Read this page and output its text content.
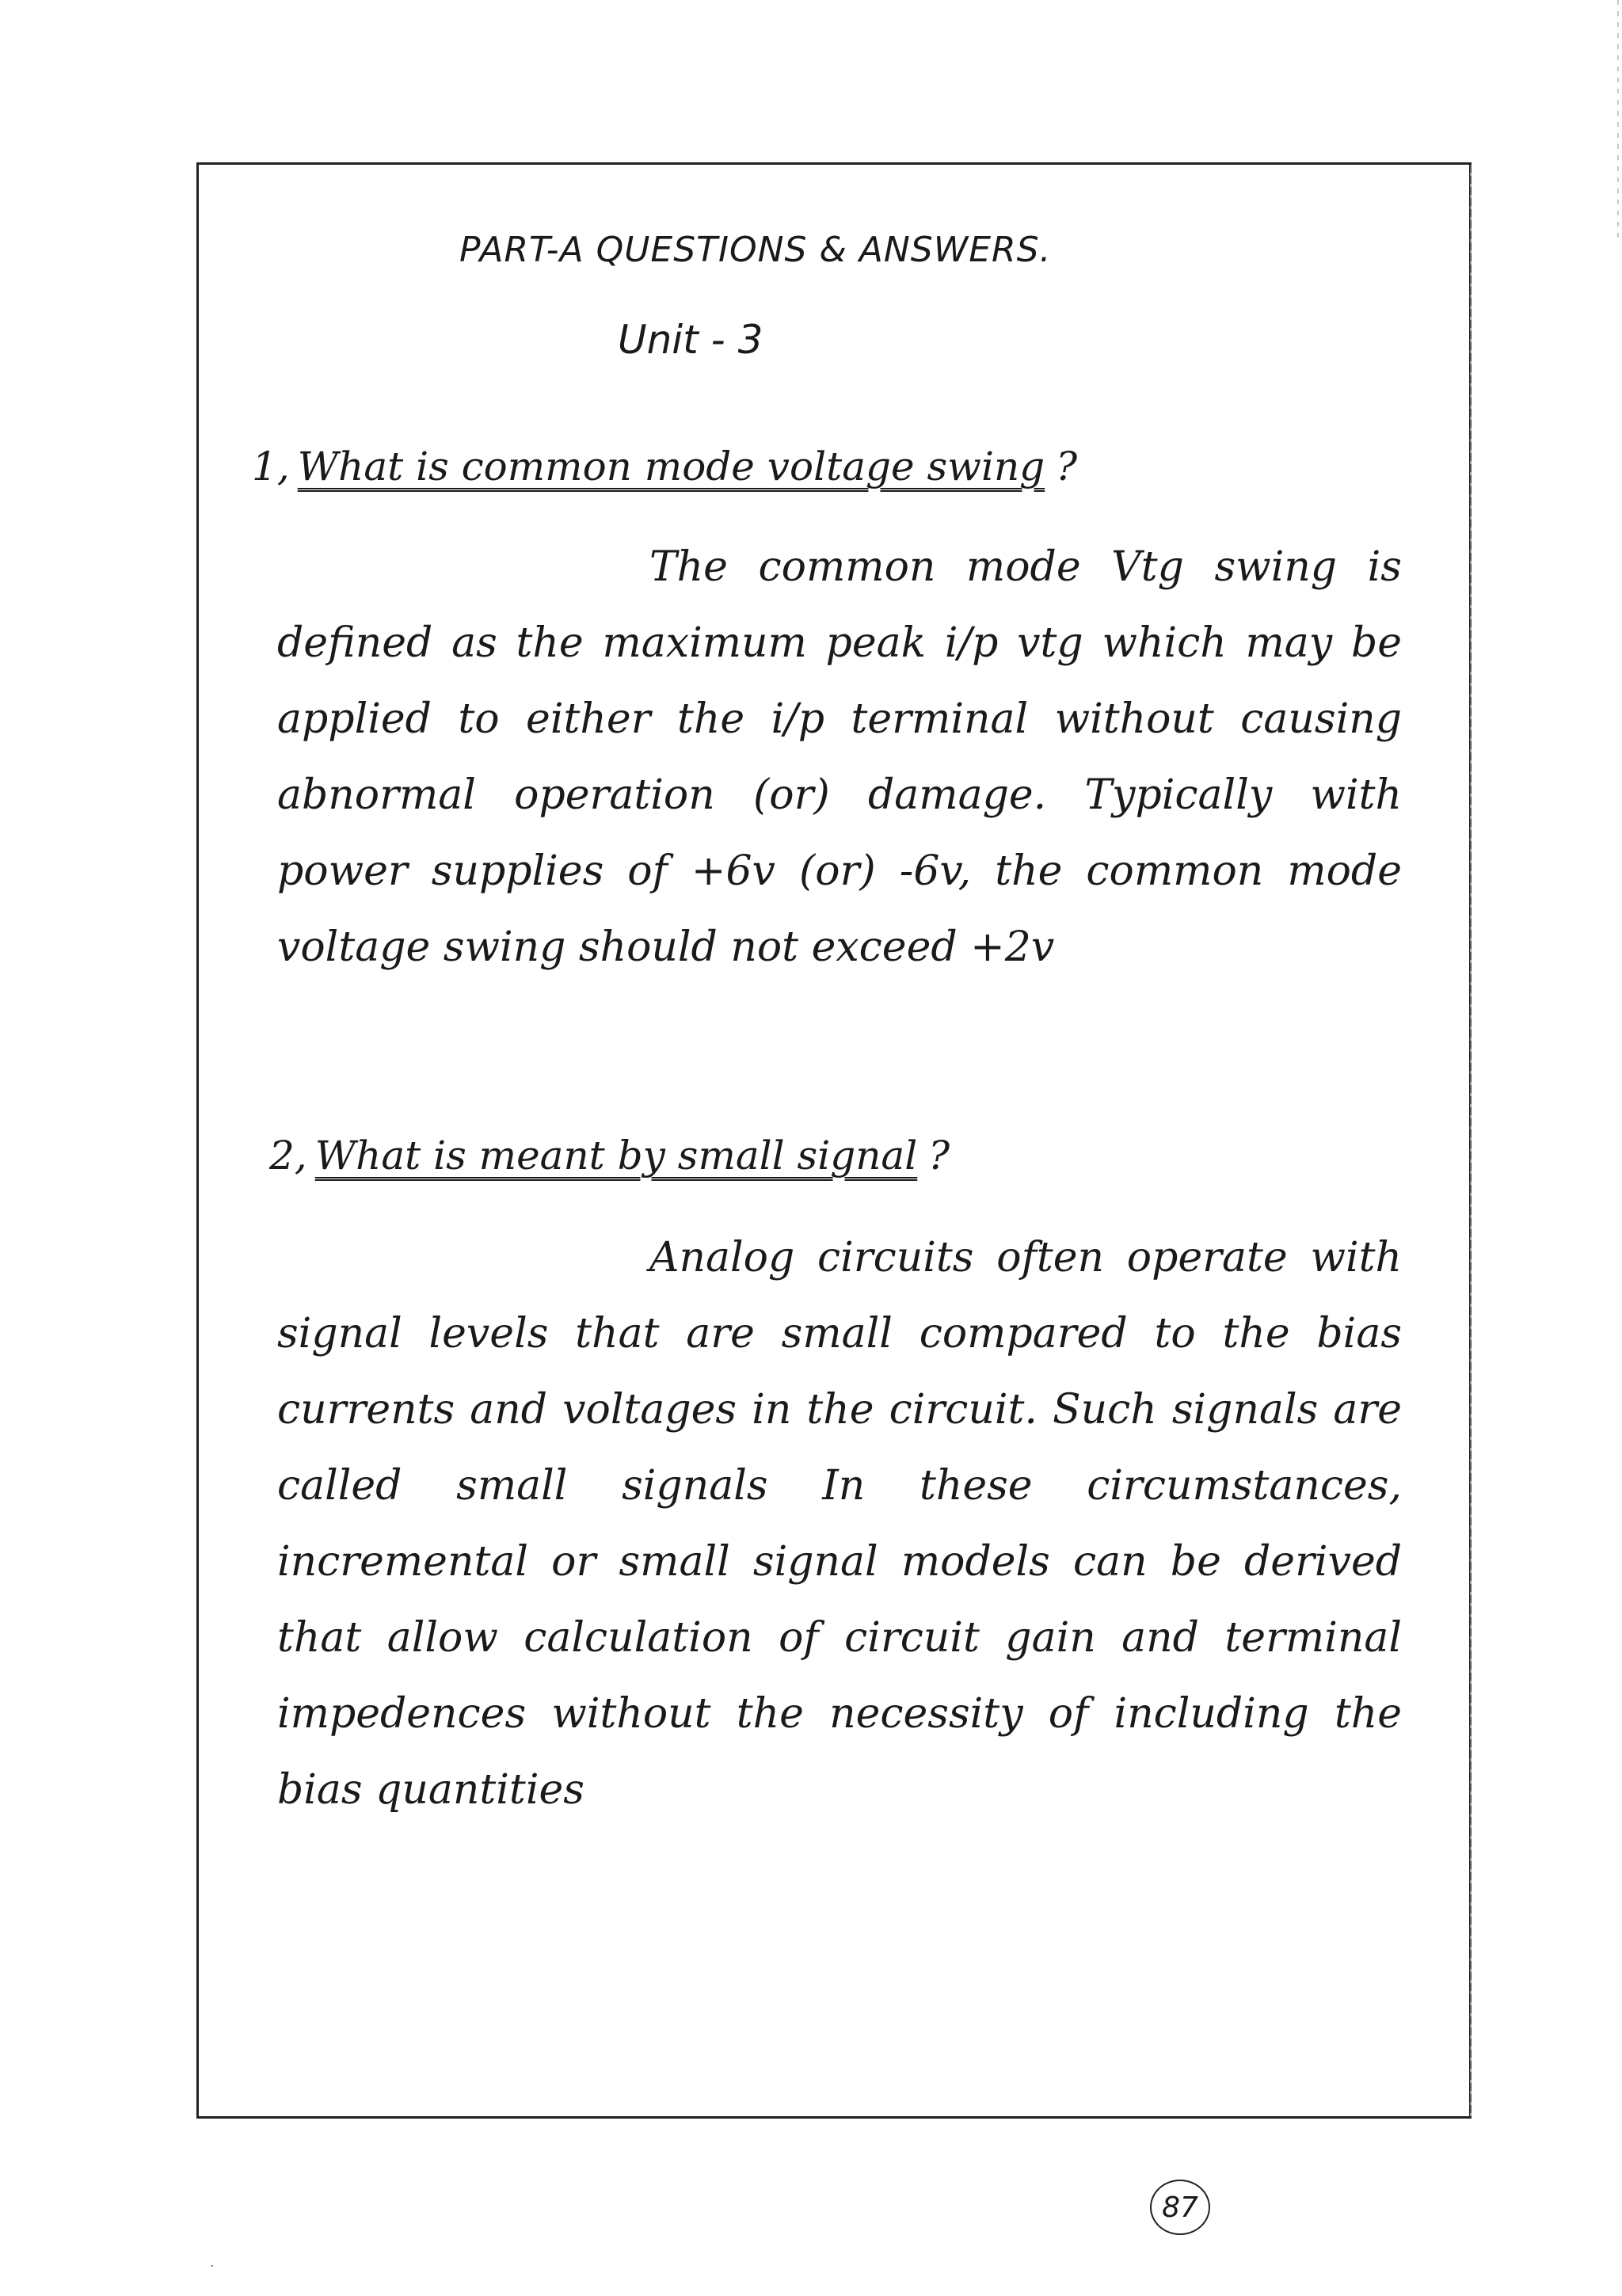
PART-A QUESTIONS & ANSWERS.
Unit - 3
1, What is common mode voltage swing ?
The common mode Vtg swing is defined as the maximum peak i/p vtg which may be applied to either the i/p terminal without causing abnormal operation (or) damage. Typically with power supplies of +6v (or) -6v, the common mode voltage swing should not exceed +2v
2, What is meant by small signal ?
Analog circuits often operate with signal levels that are small compared to the bias currents and voltages in the circuit. Such signals are called small signals In these circumstances, incremental or small signal models can be derived that allow calculation of circuit gain and terminal impedences without the necessity of including the bias quantities
87
·
